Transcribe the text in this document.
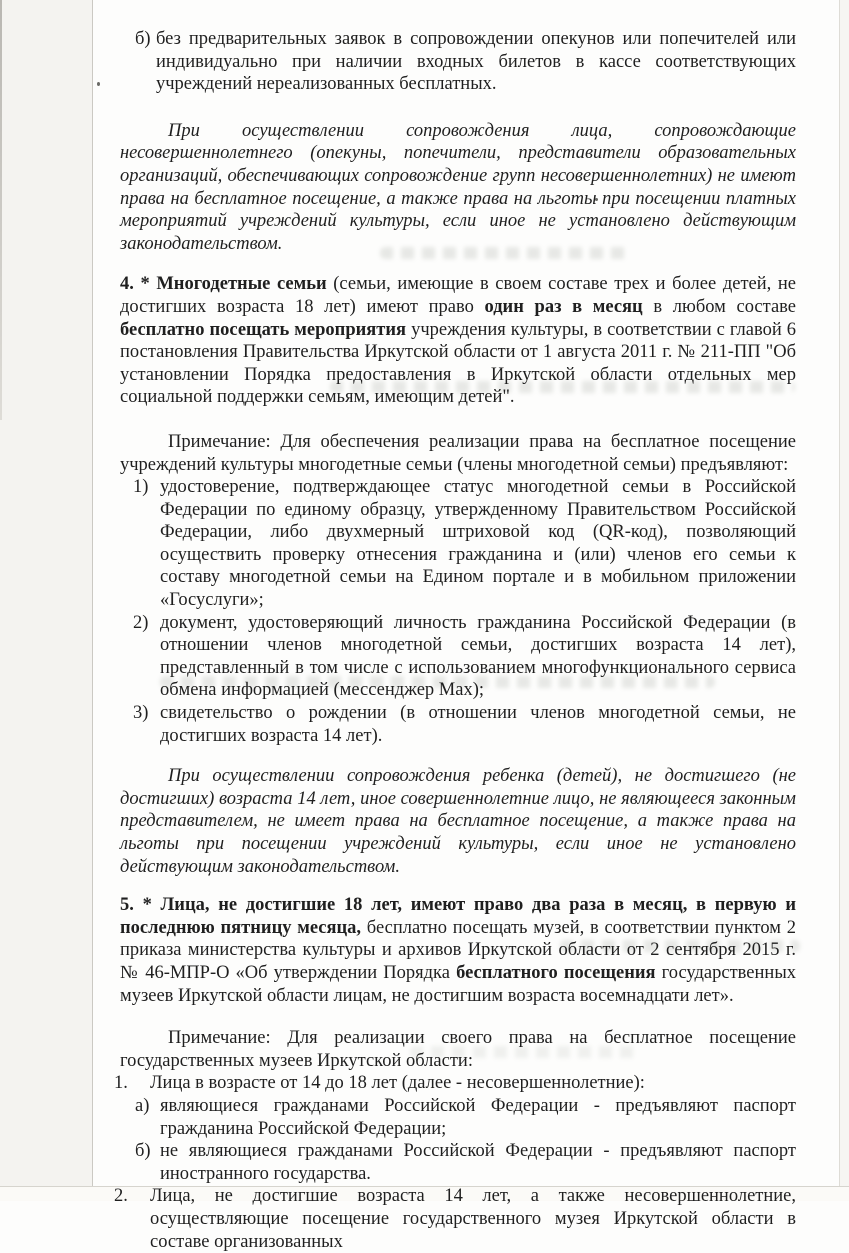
б) без предварительных заявок в сопровождении опекунов или попечителей или индивидуально при наличии входных билетов в кассе соответствующих учреждений нереализованных бесплатных.
При осуществлении сопровождения лица, сопровождающие несовершеннолетнего (опекуны, попечители, представители образовательных организаций, обеспечивающих сопровождение групп несовершеннолетних) не имеют права на бесплатное посещение, а также права на льготы при посещении платных мероприятий учреждений культуры, если иное не установлено действующим законодательством.
4. * Многодетные семьи (семьи, имеющие в своем составе трех и более детей, не достигших возраста 18 лет) имеют право один раз в месяц в любом составе бесплатно посещать мероприятия учреждения культуры, в соответствии с главой 6 постановления Правительства Иркутской области от 1 августа 2011 г. № 211-ПП "Об установлении Порядка предоставления в Иркутской области отдельных мер социальной поддержки семьям, имеющим детей".
Примечание: Для обеспечения реализации права на бесплатное посещение учреждений культуры многодетные семьи (члены многодетной семьи) предъявляют:
1) удостоверение, подтверждающее статус многодетной семьи в Российской Федерации по единому образцу, утвержденному Правительством Российской Федерации, либо двухмерный штриховой код (QR-код), позволяющий осуществить проверку отнесения гражданина и (или) членов его семьи к составу многодетной семьи на Едином портале и в мобильном приложении «Госуслуги»;
2) документ, удостоверяющий личность гражданина Российской Федерации (в отношении членов многодетной семьи, достигших возраста 14 лет), представленный в том числе с использованием многофункционального сервиса обмена информацией (мессенджер Мах);
3) свидетельство о рождении (в отношении членов многодетной семьи, не достигших возраста 14 лет).
При осуществлении сопровождения ребенка (детей), не достигшего (не достигших) возраста 14 лет, иное совершеннолетние лицо, не являющееся законным представителем, не имеет права на бесплатное посещение, а также права на льготы при посещении учреждений культуры, если иное не установлено действующим законодательством.
5. * Лица, не достигшие 18 лет, имеют право два раза в месяц, в первую и последнюю пятницу месяца, бесплатно посещать музей, в соответствии пунктом 2 приказа министерства культуры и архивов Иркутской области от 2 сентября 2015 г. № 46-МПР-О «Об утверждении Порядка бесплатного посещения государственных музеев Иркутской области лицам, не достигшим возраста восемнадцати лет».
Примечание: Для реализации своего права на бесплатное посещение государственных музеев Иркутской области:
1.	Лица в возрасте от 14 до 18 лет (далее - несовершеннолетние):
а) являющиеся гражданами Российской Федерации - предъявляют паспорт гражданина Российской Федерации;
б) не являющиеся гражданами Российской Федерации - предъявляют паспорт иностранного государства.
2.	Лица, не достигшие возраста 14 лет, а также несовершеннолетние, осуществляющие посещение государственного музея Иркутской области в составе организованных
